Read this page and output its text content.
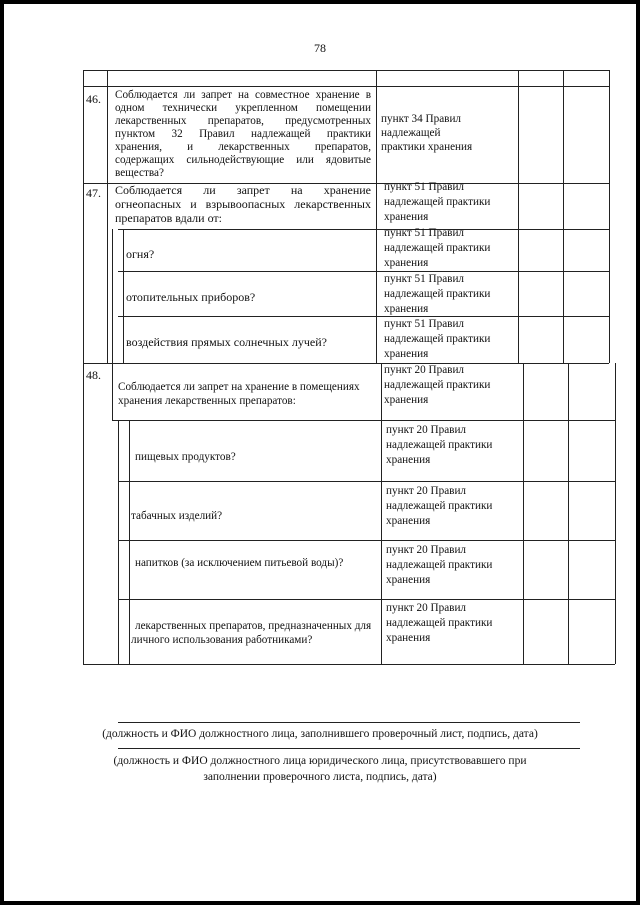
78
46. Соблюдается ли запрет на совместное хранение в
одном технически укрепленном помещении
лекарственных препаратов, предусмотренных
пунктом 32 Правил надлежащей практики
хранения, и лекарственных препаратов,
содержащих сильнодействующие или ядовитые
вещества?
пункт 34 Правил
надлежащей
практики хранения
47. Соблюдается ли запрет на хранение
огнеопасных и взрывоопасных лекарственных
препаратов вдали от:
пункт 51 Правил
надлежащей практики
хранения
огня?
пункт 51 Правил
надлежащей практики
хранения
отопительных приборов?
пункт 51 Правил
надлежащей практики
хранения
воздействия прямых солнечных лучей?
пункт 51 Правил
надлежащей практики
хранения
48.
Соблюдается ли запрет на хранение в помещениях
хранения лекарственных препаратов:
пункт 20 Правил
надлежащей практики
хранения
пищевых продуктов?
пункт 20 Правил
надлежащей практики
хранения
табачных изделий?
пункт 20 Правил
надлежащей практики
хранения
напитков (за исключением питьевой воды)?
пункт 20 Правил
надлежащей практики
хранения
лекарственных препаратов, предназначенных для
личного использования работниками?
пункт 20 Правил
надлежащей практики
хранения
(должность и ФИО должностного лица, заполнившего проверочный лист, подпись, дата)
(должность и ФИО должностного лица юридического лица, присутствовавшего при
заполнении проверочного листа, подпись, дата)
